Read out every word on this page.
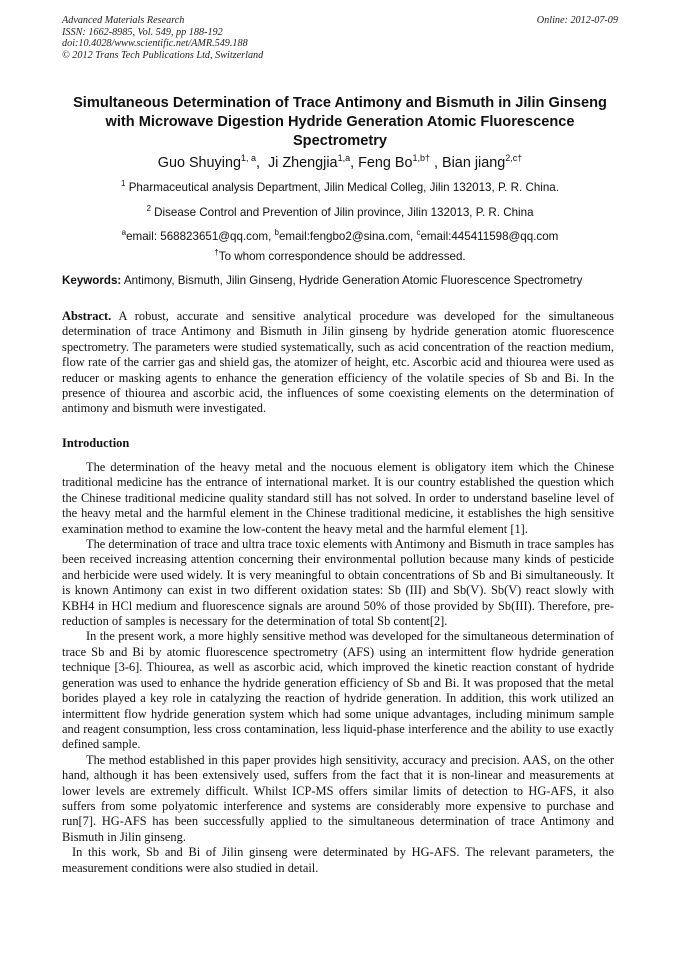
Advanced Materials Research
ISSN: 1662-8985, Vol. 549, pp 188-192
doi:10.4028/www.scientific.net/AMR.549.188
© 2012 Trans Tech Publications Ltd, Switzerland
Online: 2012-07-09
Simultaneous Determination of Trace Antimony and Bismuth in Jilin Ginseng with Microwave Digestion Hydride Generation Atomic Fluorescence Spectrometry
Guo Shuying$^{1, a}$,  Ji Zhengjia$^{1,a}$, Feng $Bo^{1,b\dagger}$ , Bian jiang$^{2,c\dagger}$
$^1$ Pharmaceutical analysis Department, Jilin Medical Colleg, Jilin 132013, P. R. China.
$^2$ Disease Control and Prevention of Jilin province, Jilin 132013, P. R. China
$^a$email: 568823651@qq.com, $^b$email:fengbo2@sina.com, $^c$email:445411598@qq.com
†To whom correspondence should be addressed.
Keywords: Antimony, Bismuth, Jilin Ginseng, Hydride Generation Atomic Fluorescence Spectrometry
Abstract. A robust, accurate and sensitive analytical procedure was developed for the simultaneous determination of trace Antimony and Bismuth in Jilin ginseng by hydride generation atomic fluorescence spectrometry. The parameters were studied systematically, such as acid concentration of the reaction medium, flow rate of the carrier gas and shield gas, the atomizer of height, etc. Ascorbic acid and thiourea were used as reducer or masking agents to enhance the generation efficiency of the volatile species of Sb and Bi. In the presence of thiourea and ascorbic acid, the influences of some coexisting elements on the determination of antimony and bismuth were investigated.
Introduction

The determination of the heavy metal and the nocuous element is obligatory item which the Chinese traditional medicine has the entrance of international market. It is our country established the question which the Chinese traditional medicine quality standard still has not solved. In order to understand baseline level of the heavy metal and the harmful element in the Chinese traditional medicine, it establishes the high sensitive examination method to examine the low-content the heavy metal and the harmful element [1].

The determination of trace and ultra trace toxic elements with Antimony and Bismuth in trace samples has been received increasing attention concerning their environmental pollution because many kinds of pesticide and herbicide were used widely. It is very meaningful to obtain concentrations of Sb and Bi simultaneously. It is known Antimony can exist in two different oxidation states: Sb (III) and Sb(V). Sb(V) react slowly with KBH4 in HCl medium and fluorescence signals are around 50% of those provided by Sb(III). Therefore, pre-reduction of samples is necessary for the determination of total Sb content[2].

In the present work, a more highly sensitive method was developed for the simultaneous determination of trace Sb and Bi by atomic fluorescence spectrometry (AFS) using an intermittent flow hydride generation technique [3-6]. Thiourea, as well as ascorbic acid, which improved the kinetic reaction constant of hydride generation was used to enhance the hydride generation efficiency of Sb and Bi. It was proposed that the metal borides played a key role in catalyzing the reaction of hydride generation. In addition, this work utilized an intermittent flow hydride generation system which had some unique advantages, including minimum sample and reagent consumption, less cross contamination, less liquid-phase interference and the ability to use exactly defined sample.

The method established in this paper provides high sensitivity, accuracy and precision. AAS, on the other hand, although it has been extensively used, suffers from the fact that it is non-linear and measurements at lower levels are extremely difficult. Whilst ICP-MS offers similar limits of detection to HG-AFS, it also suffers from some polyatomic interference and systems are considerably more expensive to purchase and run[7]. HG-AFS has been successfully applied to the simultaneous determination of trace Antimony and Bismuth in Jilin ginseng.

In this work, Sb and Bi of Jilin ginseng were determinated by HG-AFS. The relevant parameters, the measurement conditions were also studied in detail.
